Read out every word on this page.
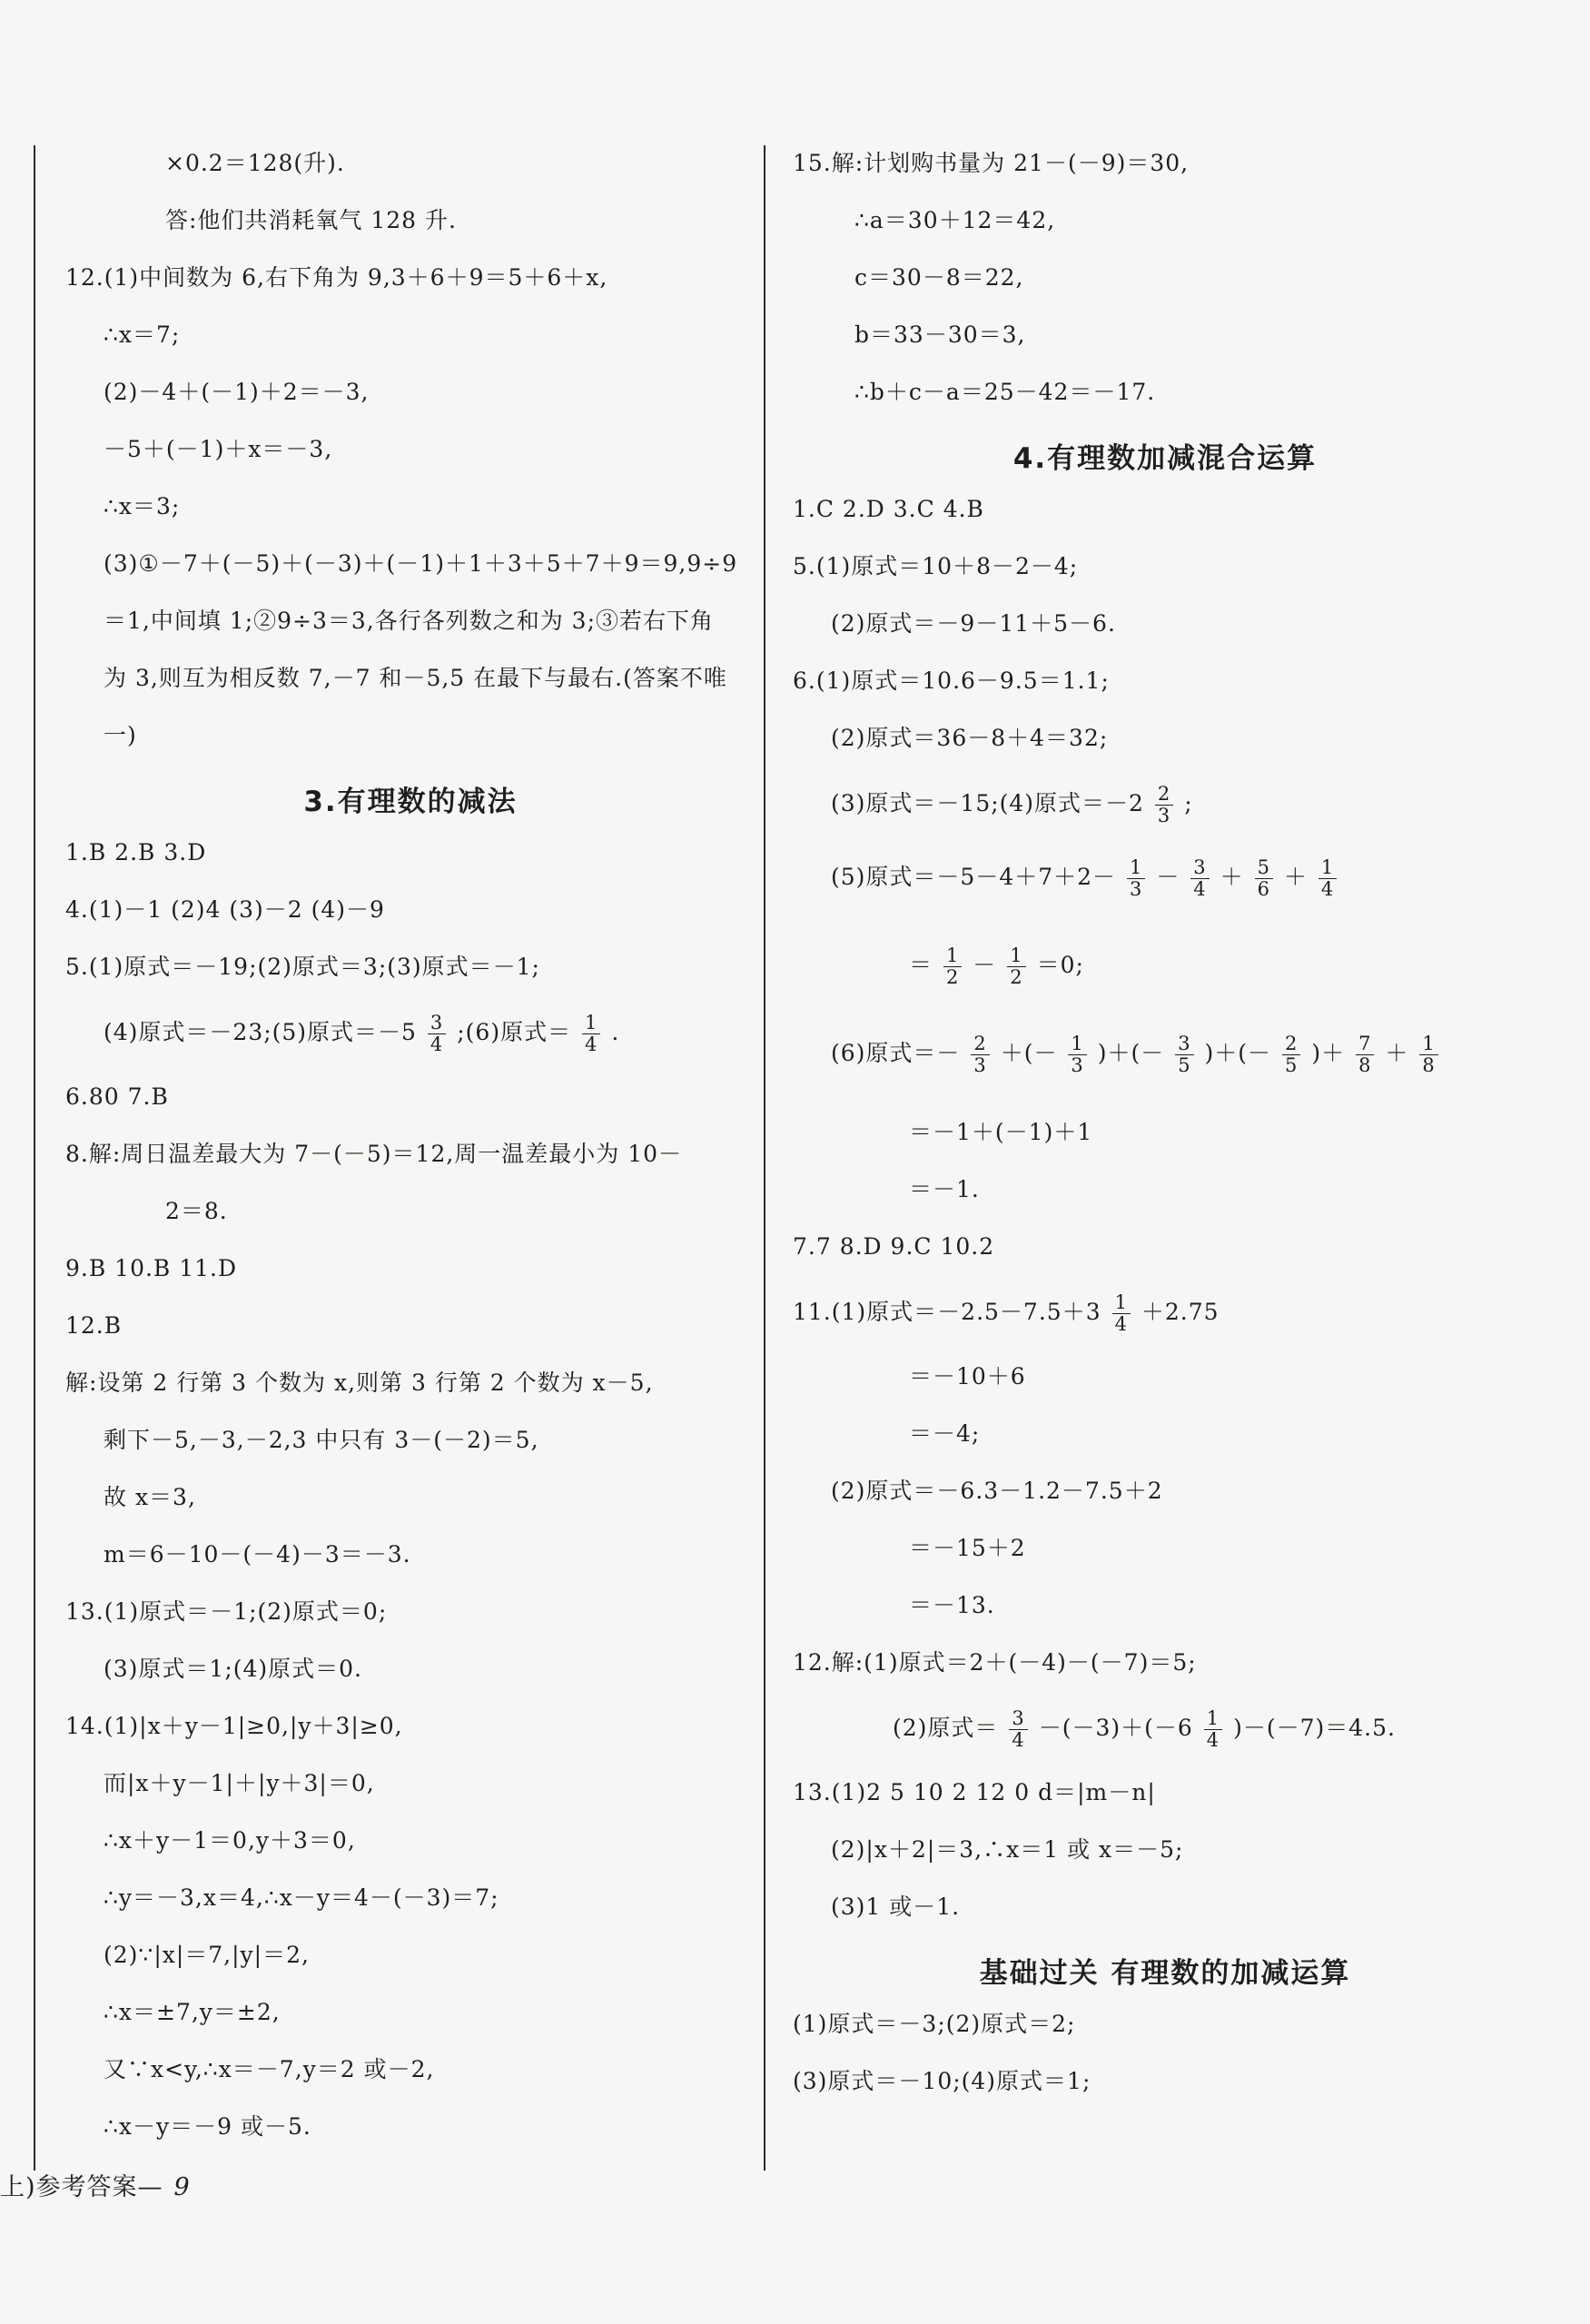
×0.2＝128(升).
答:他们共消耗氧气 128 升.
12.(1)中间数为 6,右下角为 9,3＋6＋9＝5＋6＋x,
∴x＝7;
(2)－4＋(－1)＋2＝－3,
－5＋(－1)＋x＝－3,
∴x＝3;
(3)①－7＋(－5)＋(－3)＋(－1)＋1＋3＋5＋7＋9＝9,9÷9
＝1,中间填 1;②9÷3＝3,各行各列数之和为 3;③若右下角
为 3,则互为相反数 7,－7 和－5,5 在最下与最右.(答案不唯
一)
3.有理数的减法
1.B 2.B 3.D
4.(1)－1 (2)4 (3)－2 (4)－9
5.(1)原式＝－19;(2)原式＝3;(3)原式＝－1;
(4)原式＝－23;(5)原式$=-5 \frac{3}{4}$ ;(6)原式＝ $\frac{1}{4}$ .
6.80 7.B
8.解:周日温差最大为 7－(－5)＝12,周一温差最小为 10－
2＝8.
9.B 10.B 11.D
12.B
解:设第 2 行第 3 个数为 x,则第 3 行第 2 个数为 x－5,
剩下－5,－3,－2,3 中只有 3－(－2)＝5,
故 x＝3,
m＝6－10－(－4)－3＝－3.
13.(1)原式＝－1;(2)原式＝0;
(3)原式＝1;(4)原式＝0.
14.(1)|x＋y－1|≥0,|y＋3|≥0,
而|x＋y－1|＋|y＋3|＝0,
∴x＋y－1＝0,y＋3＝0,
∴y＝－3,x＝4,∴x－y＝4－(－3)＝7;
(2)∵|x|＝7,|y|＝2,
∴x＝±7,y＝±2,
又∵x<y,∴x＝－7,y＝2 或－2,
∴x－y＝－9 或－5.
15.解:计划购书量为 21－(－9)＝30,
∴a＝30＋12＝42,
c＝30－8＝22,
b＝33－30＝3,
∴b＋c－a＝25－42＝－17.
4.有理数加减混合运算
1.C 2.D 3.C 4.B
5.(1)原式＝10＋8－2－4;
(2)原式＝－9－11＋5－6.
6.(1)原式＝10.6－9.5＝1.1;
(2)原式＝36－8＋4＝32;
(3)原式＝－15;(4)原式$=-2 \frac{2}{3}$ ;
(5)原式$=-5-4+7+2- \frac{1}{3} - \frac{3}{4} + \frac{5}{6} + \frac{1}{4}$
＝ $\frac{1}{2} - \frac{1}{2} =0$;
(6)原式＝－ $\frac{2}{3}$ ＋(－ $\frac{1}{3}$ )＋(－ $\frac{3}{5}$ )＋(－ $\frac{2}{5}$ )＋ $\frac{7}{8} + \frac{1}{8}$
＝－1＋(－1)＋1
＝－1.
7.7 8.D 9.C 10.2
11.(1)原式$=-2.5-7.5+3 \frac{1}{4} +2.75$
＝－10＋6
＝－4;
(2)原式＝－6.3－1.2－7.5＋2
＝－15＋2
＝－13.
12.解:(1)原式＝2＋(－4)－(－7)＝5;
(2)原式＝ $\frac{3}{4} -(-3)+(-6 \frac{1}{4} )-(-7)=4.5$.
13.(1)2 5 10 2 12 0 d＝|m－n|
(2)|x＋2|＝3,∴x＝1 或 x＝－5;
(3)1 或－1.
基础过关 有理数的加减运算
(1)原式＝－3;(2)原式＝2;
(3)原式＝－10;(4)原式＝1;
上)参考答案— 9
